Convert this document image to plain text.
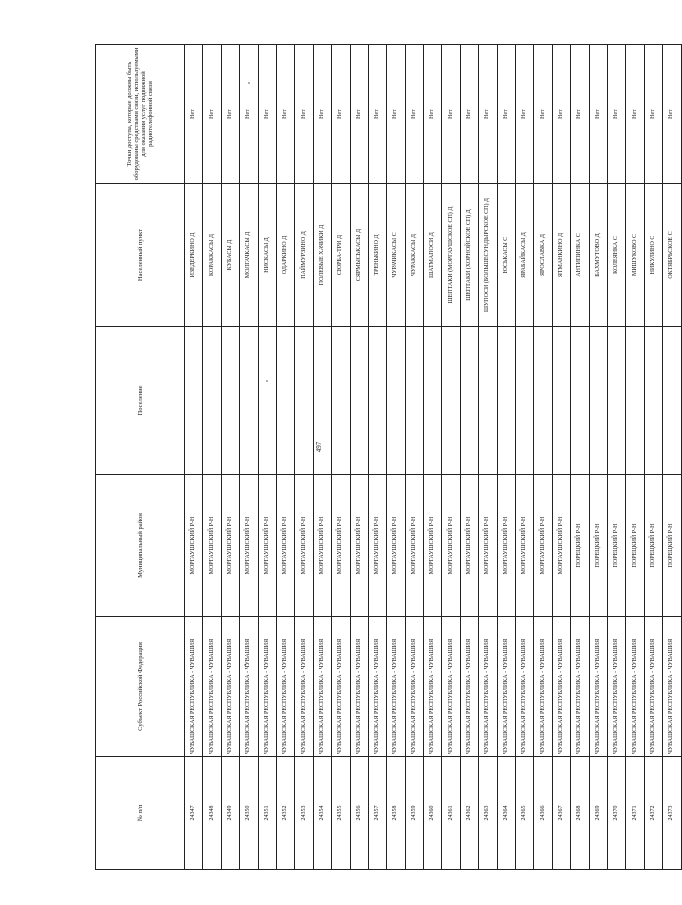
497
№ п/п	Субъект Российской Федерации	Муниципальный район	Поселение	Населенный пункт	Точки доступа, которые должны быть оборудованы средствами связи, используемыми для оказания услуг подвижной радиотелефонной связи
24347	ЧУВАШСКАЯ РЕСПУБЛИКА - ЧУВАШИЯ	МОРГАУШСКИЙ Р-Н		ИЗЕДЕРКИНО Д	Нет
24348	ЧУВАШСКАЯ РЕСПУБЛИКА - ЧУВАШИЯ	МОРГАУШСКИЙ Р-Н		КОРАККАСЫ Д	Нет
24349	ЧУВАШСКАЯ РЕСПУБЛИКА - ЧУВАШИЯ	МОРГАУШСКИЙ Р-Н		КУБАСЫ Д	Нет
24350	ЧУВАШСКАЯ РЕСПУБЛИКА - ЧУВАШИЯ	МОРГАУШСКИЙ Р-Н		МОЛГАЧКАСЫ Д	Нет
24351	ЧУВАШСКАЯ РЕСПУБЛИКА - ЧУВАШИЯ	МОРГАУШСКИЙ Р-Н		НИСКАСЫ Д	Нет
24352	ЧУВАШСКАЯ РЕСПУБЛИКА - ЧУВАШИЯ	МОРГАУШСКИЙ Р-Н		ОДАРКИНО Д	Нет
24353	ЧУВАШСКАЯ РЕСПУБЛИКА - ЧУВАШИЯ	МОРГАУШСКИЙ Р-Н		ПАЙМУРЗИНО Д	Нет
24354	ЧУВАШСКАЯ РЕСПУБЛИКА - ЧУВАШИЯ	МОРГАУШСКИЙ Р-Н		ПОЛЕВЫЕ ХАЧИКИ Д	Нет
24355	ЧУВАШСКАЯ РЕСПУБЛИКА - ЧУВАШИЯ	МОРГАУШСКИЙ Р-Н		СЮРБА-ТРИ Д	Нет
24356	ЧУВАШСКАЯ РЕСПУБЛИКА - ЧУВАШИЯ	МОРГАУШСКИЙ Р-Н		СЯРМЫСЬКАСЫ Д	Нет
24357	ЧУВАШСКАЯ РЕСПУБЛИКА - ЧУВАШИЯ	МОРГАУШСКИЙ Р-Н		ТРЕНЬКИНО Д	Нет
24358	ЧУВАШСКАЯ РЕСПУБЛИКА - ЧУВАШИЯ	МОРГАУШСКИЙ Р-Н		ЧУРАЧИКАСЫ С	Нет
24359	ЧУВАШСКАЯ РЕСПУБЛИКА - ЧУВАШИЯ	МОРГАУШСКИЙ Р-Н		ЧУРАККАСЫ Д	Нет
24360	ЧУВАШСКАЯ РЕСПУБЛИКА - ЧУВАШИЯ	МОРГАУШСКИЙ Р-Н		ШАТМАПОСИ Д	Нет
24361	ЧУВАШСКАЯ РЕСПУБЛИКА - ЧУВАШИЯ	МОРГАУШСКИЙ Р-Н		ШЕПТАКИ (МОРГАУШСКОЕ СП) Д	Нет
24362	ЧУВАШСКАЯ РЕСПУБЛИКА - ЧУВАШИЯ	МОРГАУШСКИЙ Р-Н		ШЕПТАКИ (ХОРНОЙСКОЕ СП) Д	Нет
24363	ЧУВАШСКАЯ РЕСПУБЛИКА - ЧУВАШИЯ	МОРГАУШСКИЙ Р-Н		ШУПОСИ (БОЛЬШЕСУНДЫРСКОЕ СП) Д	Нет
24364	ЧУВАШСКАЯ РЕСПУБЛИКА - ЧУВАШИЯ	МОРГАУШСКИЙ Р-Н		ЮСЬКАСЫ С	Нет
24365	ЧУВАШСКАЯ РЕСПУБЛИКА - ЧУВАШИЯ	МОРГАУШСКИЙ Р-Н		ЯРАБАЙКАСЫ Д	Нет
24366	ЧУВАШСКАЯ РЕСПУБЛИКА - ЧУВАШИЯ	МОРГАУШСКИЙ Р-Н		ЯРОСЛАВКА Д	Нет
24367	ЧУВАШСКАЯ РЕСПУБЛИКА - ЧУВАШИЯ	МОРГАУШСКИЙ Р-Н		ЯТМАНКИНО Д	Нет
24368	ЧУВАШСКАЯ РЕСПУБЛИКА - ЧУВАШИЯ	ПОРЕЦКИЙ Р-Н		АНТИПИНКА С	Нет
24369	ЧУВАШСКАЯ РЕСПУБЛИКА - ЧУВАШИЯ	ПОРЕЦКИЙ Р-Н		БАХМУТОВО Д	Нет
24370	ЧУВАШСКАЯ РЕСПУБЛИКА - ЧУВАШИЯ	ПОРЕЦКИЙ Р-Н		КОЛЕЯНКА С	Нет
24371	ЧУВАШСКАЯ РЕСПУБЛИКА - ЧУВАШИЯ	ПОРЕЦКИЙ Р-Н		МИШУКОВО С	Нет
24372	ЧУВАШСКАЯ РЕСПУБЛИКА - ЧУВАШИЯ	ПОРЕЦКИЙ Р-Н		НИКУЛИНО С	Нет
24373	ЧУВАШСКАЯ РЕСПУБЛИКА - ЧУВАШИЯ	ПОРЕЦКИЙ Р-Н		ОКТЯБРЬСКОЕ С	Нет
